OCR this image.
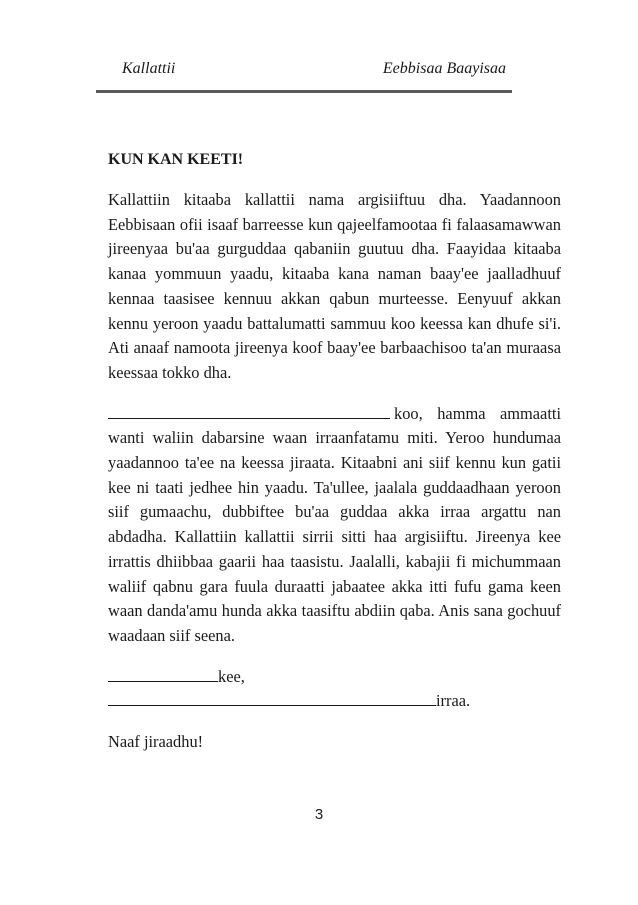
Kallattii	Eebbisaa Baayisaa
KUN KAN KEETI!
Kallattiin kitaaba kallattii nama argisiiftuu dha. Yaadannoon Eebbisaan ofii isaaf barreesse kun qajeelfamootaa fi falaasamawwan jireenyaa bu'aa gurguddaa qabaniin guutuu dha. Faayidaa kitaaba kanaa yommuun yaadu, kitaaba kana naman baay'ee jaalladhuuf kennaa taasisee kennuu akkan qabun murteesse. Eenyuuf akkan kennu yeroon yaadu battalumatti sammuu koo keessa kan dhufe si'i. Ati anaaf namoota jireenya koof baay'ee barbaachisoo ta'an muraasa keessaa tokko dha.
koo, hamma ammaatti wanti waliin dabarsine waan irraanfatamu miti. Yeroo hundumaa yaadannoo ta'ee na keessa jiraata. Kitaabni ani siif kennu kun gatii kee ni taati jedhee hin yaadu. Ta'ullee, jaalala guddaadhaan yeroon siif gumaachu, dubbiftee bu'aa guddaa akka irraa argattu nan abdadha. Kallattiin kallattii sirrii sitti haa argisiiftu. Jireenya kee irrattis dhiibbaa gaarii haa taasistu. Jaalalli, kabajii fi michummaan waliif qabnu gara fuula duraatti jabaatee akka itti fufu gama keen waan danda'amu hunda akka taasiftu abdiin qaba. Anis sana gochuuf waadaan siif seena.
kee,
irraa.
Naaf jiraadhu!
3
